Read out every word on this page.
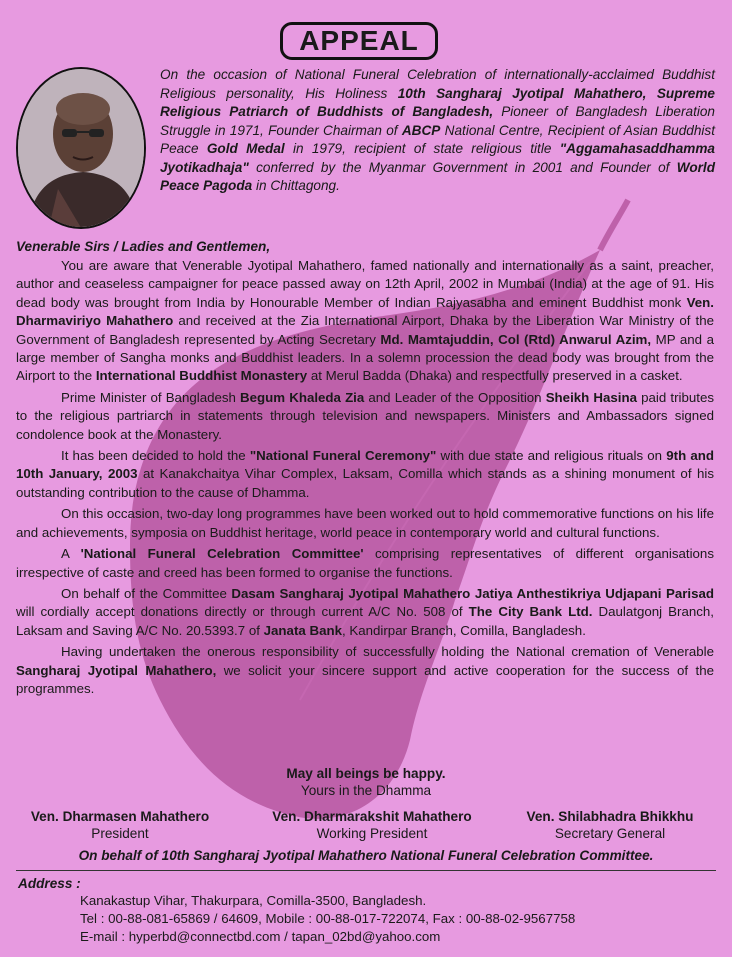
APPEAL
On the occasion of National Funeral Celebration of internationally-acclaimed Buddhist Religious personality, His Holiness 10th Sangharaj Jyotipal Mahathero, Supreme Religious Patriarch of Buddhists of Bangladesh, Pioneer of Bangladesh Liberation Struggle in 1971, Founder Chairman of ABCP National Centre, Recipient of Asian Buddhist Peace Gold Medal in 1979, recipient of state religious title "Aggamahasaddhamma Jyotikadhaja" conferred by the Myanmar Government in 2001 and Founder of World Peace Pagoda in Chittagong.
Venerable Sirs / Ladies and Gentlemen,

You are aware that Venerable Jyotipal Mahathero, famed nationally and internationally as a saint, preacher, author and ceaseless campaigner for peace passed away on 12th April, 2002 in Mumbai (India) at the age of 91. His dead body was brought from India by Honourable Member of Indian Rajyasabha and eminent Buddhist monk Ven. Dharmaviriyo Mahathero and received at the Zia International Airport, Dhaka by the Liberation War Ministry of the Government of Bangladesh represented by Acting Secretary Md. Mamtajuddin, Col (Rtd) Anwarul Azim, MP and a large member of Sangha monks and Buddhist leaders. In a solemn procession the dead body was brought from the Airport to the International Buddhist Monastery at Merul Badda (Dhaka) and respectfully preserved in a casket.

Prime Minister of Bangladesh Begum Khaleda Zia and Leader of the Opposition Sheikh Hasina paid tributes to the religious partriarch in statements through television and newspapers. Ministers and Ambassadors signed condolence book at the Monastery.

It has been decided to hold the "National Funeral Ceremony" with due state and religious rituals on 9th and 10th January, 2003 at Kanakchaitya Vihar Complex, Laksam, Comilla which stands as a shining monument of his outstanding contribution to the cause of Dhamma.

On this occasion, two-day long programmes have been worked out to hold commemorative functions on his life and achievements, symposia on Buddhist heritage, world peace in contemporary world and cultural functions.

A 'National Funeral Celebration Committee' comprising representatives of different organisations irrespective of caste and creed has been formed to organise the functions.

On behalf of the Committee Dasam Sangharaj Jyotipal Mahathero Jatiya Anthestikriya Udjapani Parisad will cordially accept donations directly or through current A/C No. 508 of The City Bank Ltd. Daulatgonj Branch, Laksam and Saving A/C No. 20.5393.7 of Janata Bank, Kandirpar Branch, Comilla, Bangladesh.

Having undertaken the onerous responsibility of successfully holding the National cremation of Venerable Sangharaj Jyotipal Mahathero, we solicit your sincere support and active cooperation for the success of the programmes.

May all beings be happy.
Yours in the Dhamma
Ven. Dharmasen Mahathero
President
Ven. Dharmarakshit Mahathero
Working President
Ven. Shilabhadra Bhikkhu
Secretary General
On behalf of 10th Sangharaj Jyotipal Mahathero National Funeral Celebration Committee.
Address :
Kanakastup Vihar, Thakurpara, Comilla-3500, Bangladesh.
Tel : 00-88-081-65869 / 64609, Mobile : 00-88-017-722074, Fax : 00-88-02-9567758
E-mail : hyperbd@connectbd.com / tapan_02bd@yahoo.com
